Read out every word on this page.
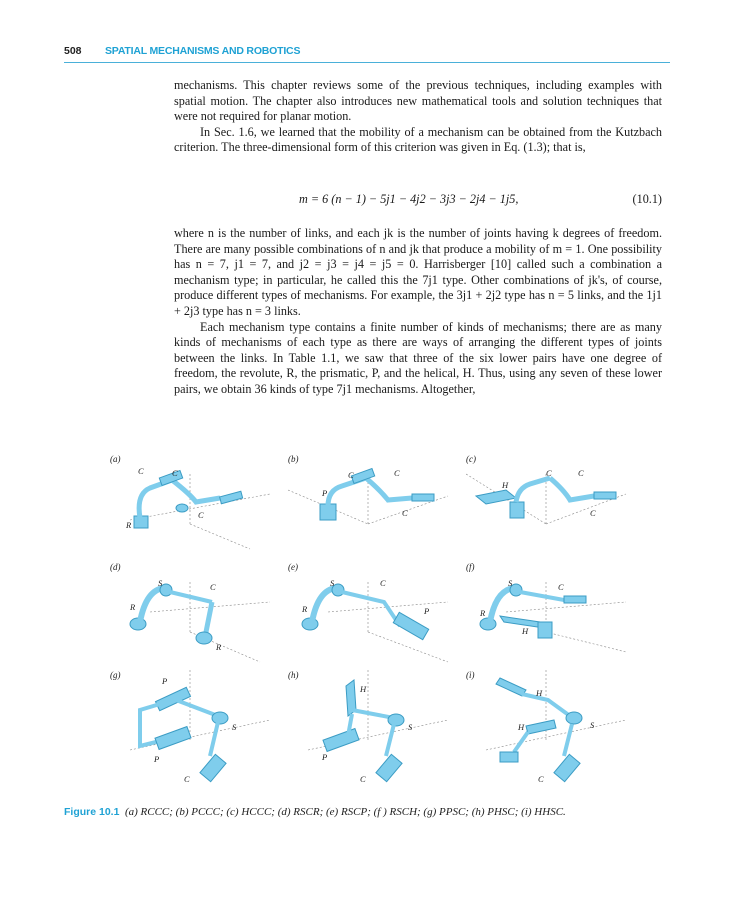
508 SPATIAL MECHANISMS AND ROBOTICS

mechanisms. This chapter reviews some of the previous techniques, including examples with spatial motion. The chapter also introduces new mathematical tools and solution techniques that were not required for planar motion.

In Sec. 1.6, we learned that the mobility of a mechanism can be obtained from the Kutzbach criterion. The three-dimensional form of this criterion was given in Eq. (1.3); that is,

m = 6 (n − 1) − 5j1 − 4j2 − 3j3 − 2j4 − 1j5,	(10.1)

where n is the number of links, and each jk is the number of joints having k degrees of freedom. There are many possible combinations of n and jk that produce a mobility of m = 1. One possibility has n = 7, j1 = 7, and j2 = j3 = j4 = j5 = 0. Harrisberger [10] called such a combination a mechanism type; in particular, he called this the 7j1 type. Other combinations of jk's, of course, produce different types of mechanisms. For example, the 3j1 + 2j2 type has n = 5 links, and the 1j1 + 2j3 type has n = 3 links.

Each mechanism type contains a finite number of kinds of mechanisms; there are as many kinds of mechanisms of each type as there are ways of arranging the different types of joints between the links. In Table 1.1, we saw that three of the six lower pairs have one degree of freedom, the revolute, R, the prismatic, P, and the helical, H. Thus, using any seven of these lower pairs, we obtain 36 kinds of type 7j1 mechanisms. Altogether,

(a)
C	C
C
R
(b)
C	C
P
C
(c)
C	C
H
C
(d)
S	C
R
R
(e)
S	C
R	P
(f)
S	C
R
H
(g)
P
S
P
C
(h)
H
S
P
C
(i)
H
S
H
C
Figure 10.1 (a) RCCC; (b) PCCC; (c) HCCC; (d) RSCR; (e) RSCP; (f ) RSCH; (g) PPSC; (h) PHSC; (i) HHSC.
